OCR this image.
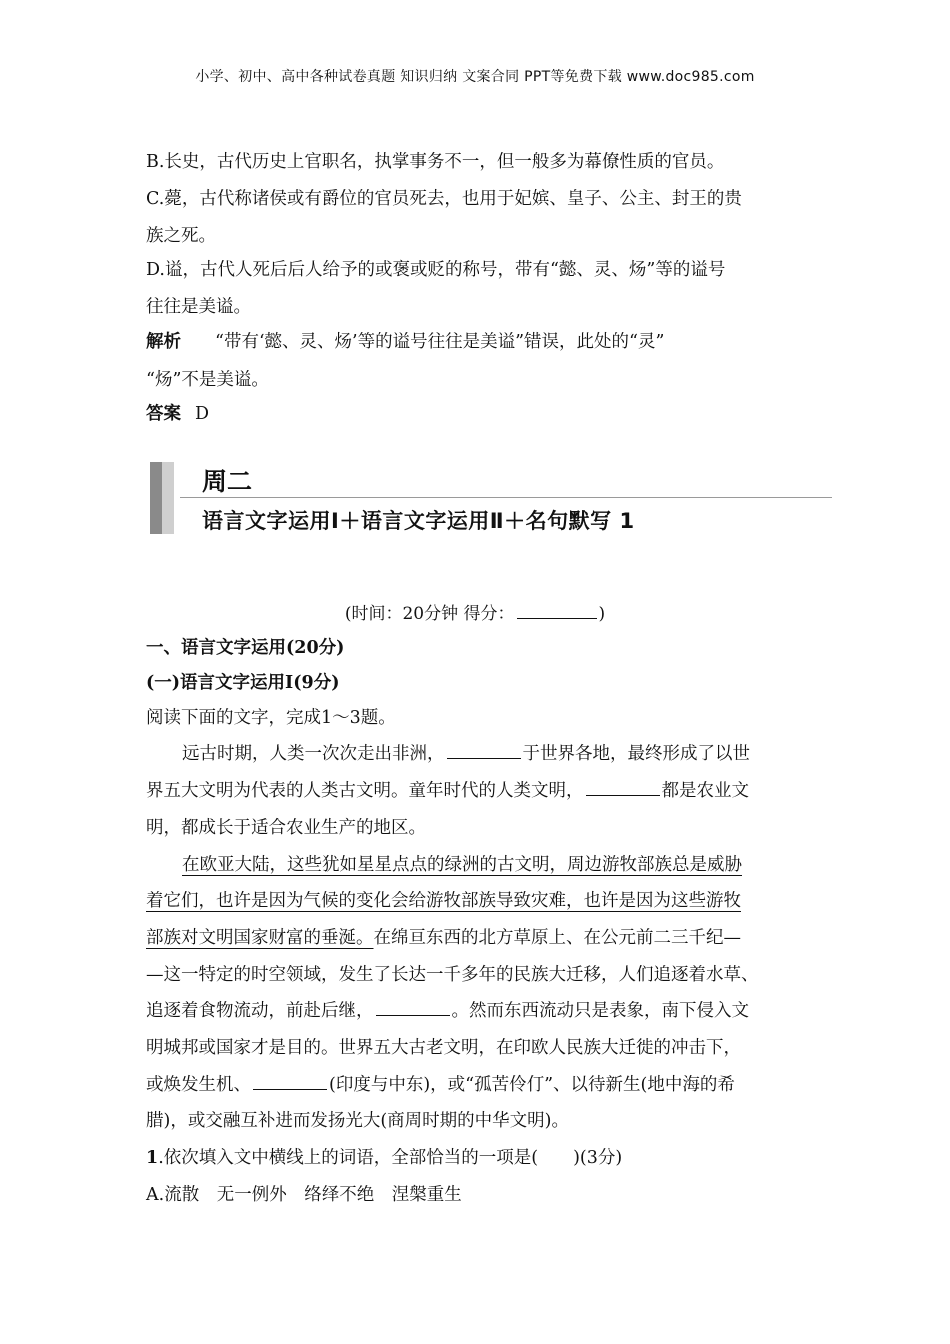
小学、初中、高中各种试卷真题 知识归纳 文案合同 PPT等免费下载 www.doc985.com
B.长史，古代历史上官职名，执掌事务不一，但一般多为幕僚性质的官员。
C.薨，古代称诸侯或有爵位的官员死去，也用于妃嫔、皇子、公主、封王的贵
族之死。
D.谥，古代人死后后人给予的或褒或贬的称号，带有“懿、灵、炀”等的谥号
往往是美谥。
解析 “带有‘懿、灵、炀’等的谥号往往是美谥”错误，此处的“灵”
“炀”不是美谥。
答案 D
周二
语言文字运用Ⅰ＋语言文字运用Ⅱ＋名句默写 1
(时间：20分钟 得分：	)
一、语言文字运用(20分)
(一)语言文字运用Ⅰ(9分)
阅读下面的文字，完成1～3题。
远古时期，人类一次次走出非洲，	于世界各地，最终形成了以世
界五大文明为代表的人类古文明。童年时代的人类文明，	都是农业文
明，都成长于适合农业生产的地区。
在欧亚大陆，这些犹如星星点点的绿洲的古文明，周边游牧部族总是威胁
着它们，也许是因为气候的变化会给游牧部族导致灾难，也许是因为这些游牧
部族对文明国家财富的垂涎。在绵亘东西的北方草原上、在公元前二三千纪—
—这一特定的时空领域，发生了长达一千多年的民族大迁移，人们追逐着水草、
追逐着食物流动，前赴后继，	。然而东西流动只是表象，南下侵入文
明城邦或国家才是目的。世界五大古老文明，在印欧人民族大迁徙的冲击下，
或焕发生机、	(印度与中东)，或“孤苦伶仃”、以待新生(地中海的希
腊)，或交融互补进而发扬光大(商周时期的中华文明)。
1.依次填入文中横线上的词语，全部恰当的一项是(　　)(3分)
A.流散　无一例外　络绎不绝　涅槃重生
